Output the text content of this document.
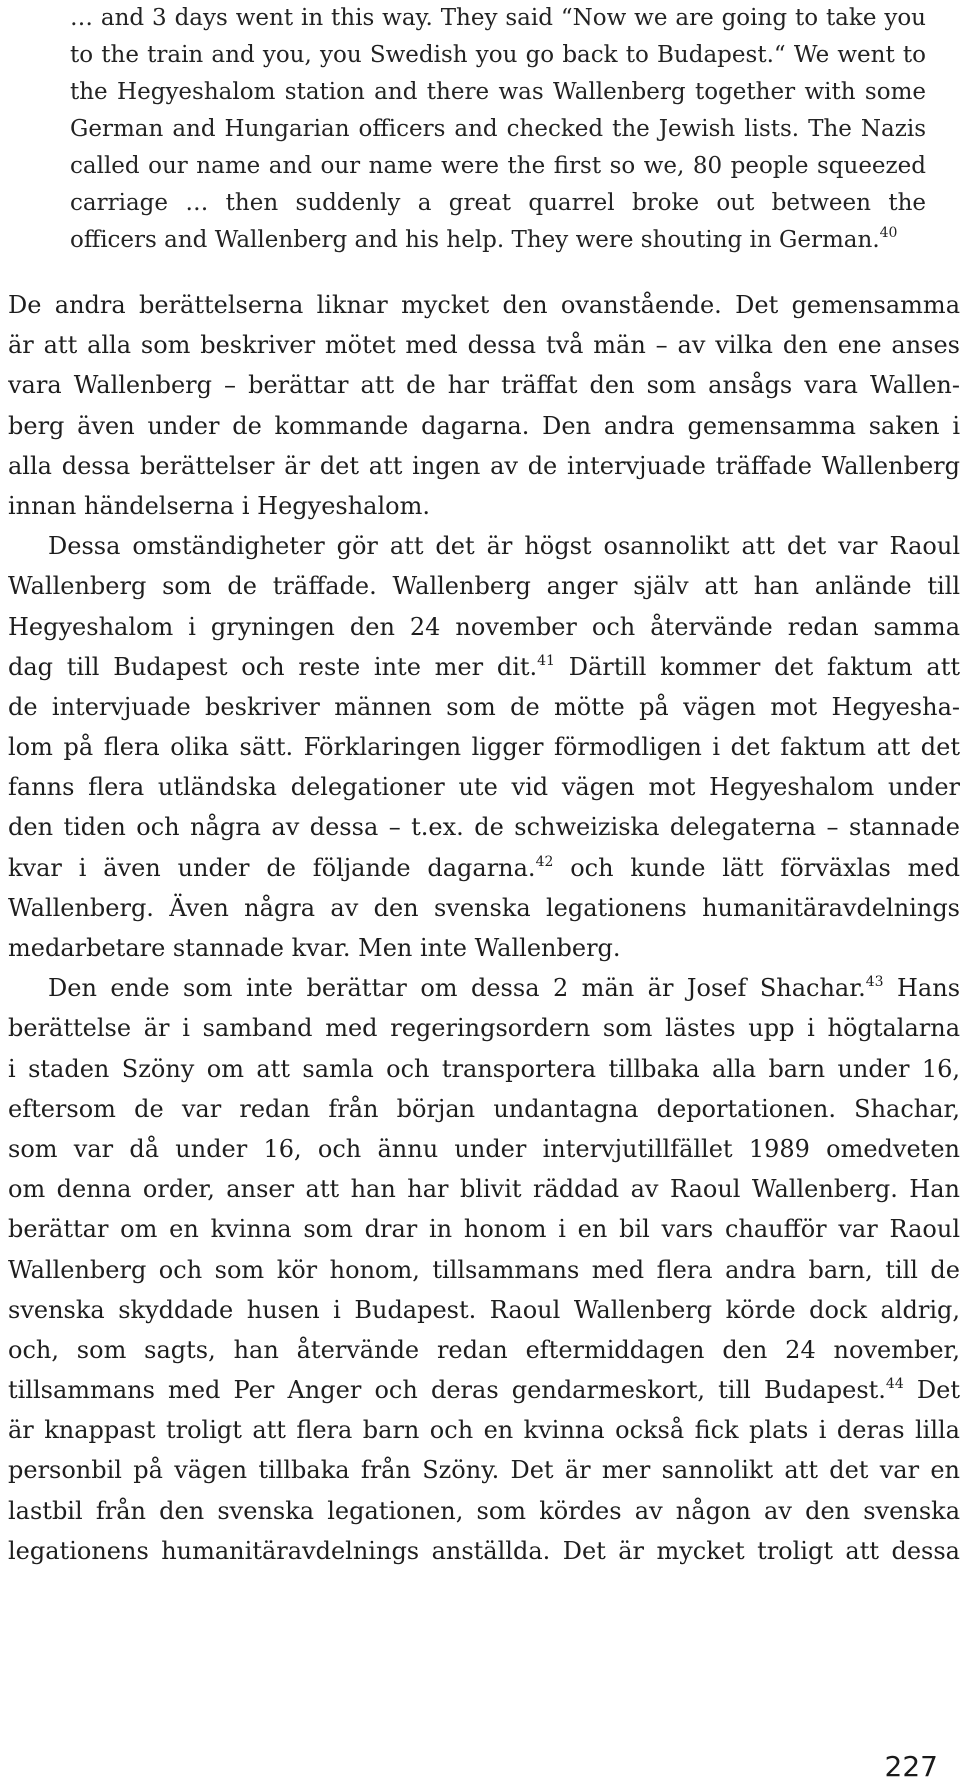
… and 3 days went in this way. They said “Now we are going to take you
to the train and you, you Swedish you go back to Budapest.“ We went to
the Hegyeshalom station and there was Wallenberg together with some
German and Hungarian officers and checked the Jewish lists. The Nazis
called our name and our name were the first so we, 80 people squeezed
carriage … then suddenly a great quarrel broke out between the
officers and Wallenberg and his help. They were shouting in German.$^{40}$
De andra berättelserna liknar mycket den ovanstående. Det gemensamma
är att alla som beskriver mötet med dessa två män – av vilka den ene anses
vara Wallenberg – berättar att de har träffat den som ansågs vara Wallen-
berg även under de kommande dagarna. Den andra gemensamma saken i
alla dessa berättelser är det att ingen av de intervjuade träffade Wallenberg
innan händelserna i Hegyeshalom.
Dessa omständigheter gör att det är högst osannolikt att det var Raoul
Wallenberg som de träffade. Wallenberg anger själv att han anlände till
Hegyeshalom i gryningen den 24 november och återvände redan samma
dag till Budapest och reste inte mer dit.$^{41}$ Därtill kommer det faktum att
de intervjuade beskriver männen som de mötte på vägen mot Hegyesha-
lom på flera olika sätt. Förklaringen ligger förmodligen i det faktum att det
fanns flera utländska delegationer ute vid vägen mot Hegyeshalom under
den tiden och några av dessa – t.ex. de schweiziska delegaterna – stannade
kvar i även under de följande dagarna.$^{42}$ och kunde lätt förväxlas med
Wallenberg. Även några av den svenska legationens humanitäravdelnings
medarbetare stannade kvar. Men inte Wallenberg.
Den ende som inte berättar om dessa 2 män är Josef Shachar.$^{43}$ Hans
berättelse är i samband med regeringsordern som lästes upp i högtalarna
i staden Szöny om att samla och transportera tillbaka alla barn under 16,
eftersom de var redan från början undantagna deportationen. Shachar,
som var då under 16, och ännu under intervjutillfället 1989 omedveten
om denna order, anser att han har blivit räddad av Raoul Wallenberg. Han
berättar om en kvinna som drar in honom i en bil vars chaufför var Raoul
Wallenberg och som kör honom, tillsammans med flera andra barn, till de
svenska skyddade husen i Budapest. Raoul Wallenberg körde dock aldrig,
och, som sagts, han återvände redan eftermiddagen den 24 november,
tillsammans med Per Anger och deras gendarmeskort, till Budapest.$^{44}$ Det
är knappast troligt att flera barn och en kvinna också fick plats i deras lilla
personbil på vägen tillbaka från Szöny. Det är mer sannolikt att det var en
lastbil från den svenska legationen, som kördes av någon av den svenska
legationens humanitäravdelnings anställda. Det är mycket troligt att dessa
227
